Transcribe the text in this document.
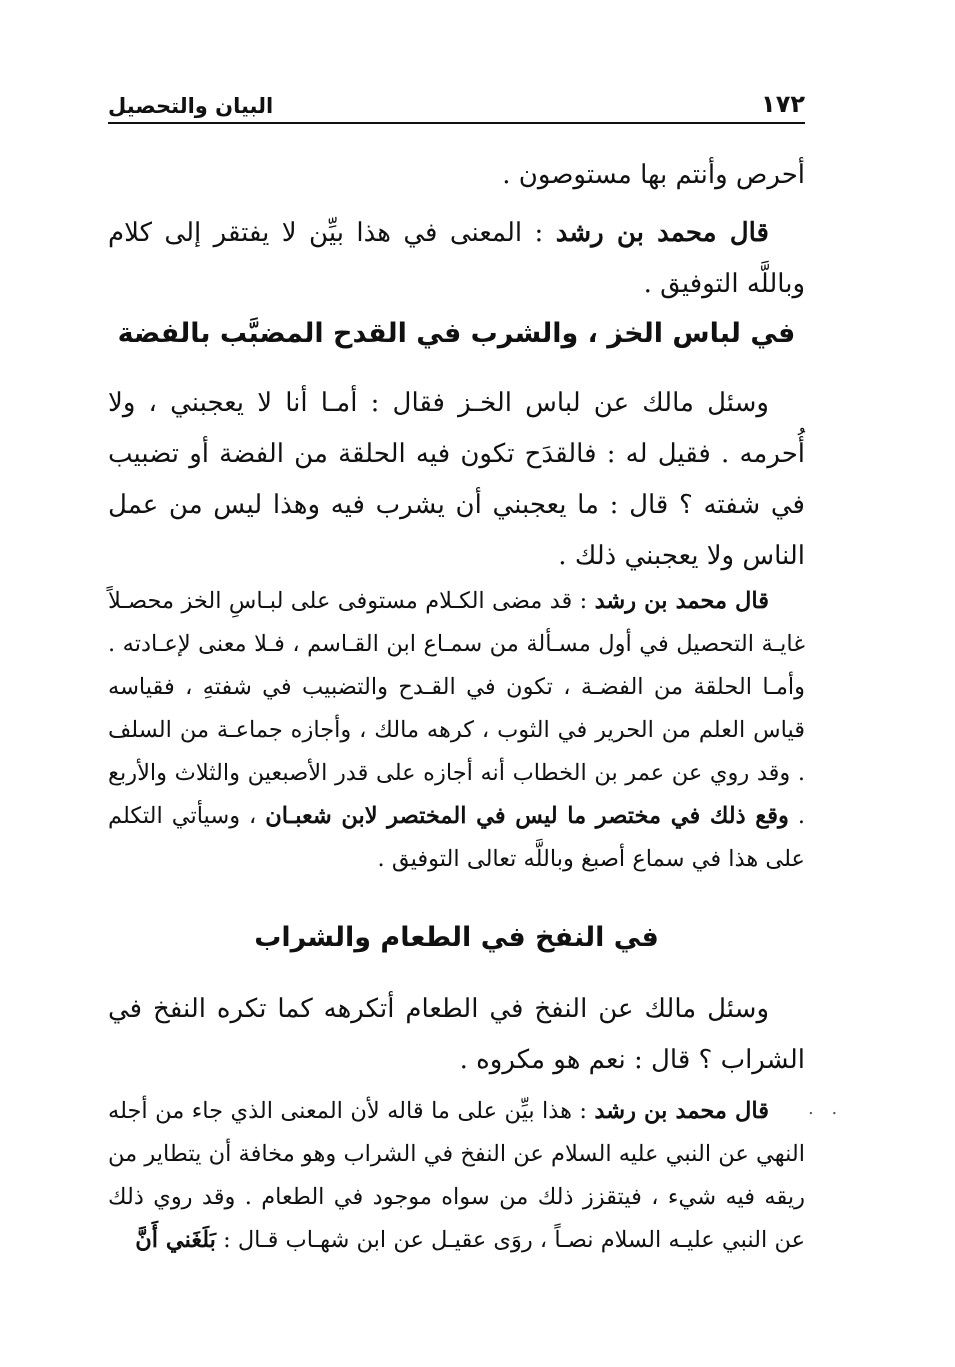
١٧٢
البيان والتحصيل

أحرص وأنتم بها مستوصون .

قال محمد بن رشد : المعنى في هذا بيِّن لا يفتقر إلى كلام وباللَّه التوفيق .

في لباس الخز ، والشرب في القدح المضبَّب بالفضة

وسئل مالك عن لباس الخـز فقال : أمـا أنا لا يعجبني ، ولا أُحرمه . فقيل له : فالقدَح تكون فيه الحلقة من الفضة أو تضبيب في شفته ؟ قال : ما يعجبني أن يشرب فيه وهذا ليس من عمل الناس ولا يعجبني ذلك .

قال محمد بن رشد : قد مضى الكـلام مستوفى على لبـاسِ الخز محصـلاً غايـة التحصيل في أول مسـألة من سمـاع ابن القـاسم ، فـلا معنى لإعـادته . وأمـا الحلقة من الفضـة ، تكون في القـدح والتضبيب في شفتهِ ، فقياسه قياس العلم من الحرير في الثوب ، كرهه مالك ، وأجازه جماعـة من السلف . وقد روي عن عمر بن الخطاب أنه أجازه على قدر الأصبعين والثلاث والأربع . وقع ذلك في مختصر ما ليس في المختصر لابن شعبـان ، وسيأتي التكلم على هذا في سماع أصبغ وباللَّه تعالى التوفيق .

في النفخ في الطعام والشراب

وسئل مالك عن النفخ في الطعام أتكرهه كما تكره النفخ في الشراب ؟ قال : نعم هو مكروه .

قال محمد بن رشد : هذا بيِّن على ما قاله لأن المعنى الذي جاء من أجله النهي عن النبي عليه السلام عن النفخ في الشراب وهو مخافة أن يتطاير من ريقه فيه شيء ، فيتقزز ذلك من سواه موجود في الطعام . وقد روي ذلك عن النبي عليـه السلام نصـاً ، روَى عقيـل عن ابن شهـاب قـال : بَلَغَني أَنَّ

. .
